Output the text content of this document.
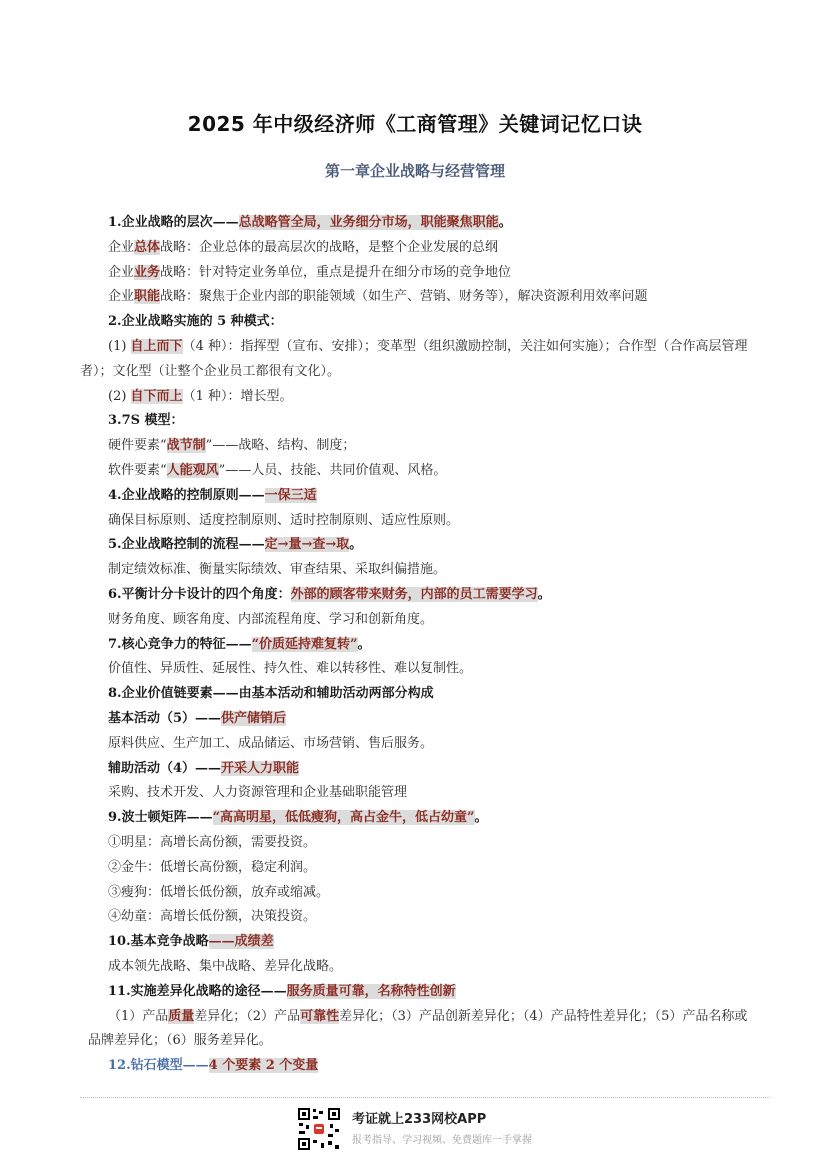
2025 年中级经济师《工商管理》关键词记忆口诀
第一章企业战略与经营管理
1.企业战略的层次——总战略管全局，业务细分市场，职能聚焦职能。
企业总体战略：企业总体的最高层次的战略，是整个企业发展的总纲
企业业务战略：针对特定业务单位，重点是提升在细分市场的竞争地位
企业职能战略：聚焦于企业内部的职能领域（如生产、营销、财务等），解决资源利用效率问题
2.企业战略实施的 5 种模式：
(1) 自上而下（4 种）：指挥型（宣布、安排）；变革型（组织激励控制，关注如何实施）；合作型（合作高层管理者）；文化型（让整个企业员工都很有文化）。
(2) 自下而上（1 种）：增长型。
3.7S 模型：
硬件要素“战节制”——战略、结构、制度；
软件要素“人能观风”——人员、技能、共同价值观、风格。
4.企业战略的控制原则——一保三适
确保目标原则、适度控制原则、适时控制原则、适应性原则。
5.企业战略控制的流程——定→量→查→取。
制定绩效标准、衡量实际绩效、审查结果、采取纠偏措施。
6.平衡计分卡设计的四个角度：外部的顾客带来财务，内部的员工需要学习。
财务角度、顾客角度、内部流程角度、学习和创新角度。
7.核心竞争力的特征——“价质延持难复转”。
价值性、异质性、延展性、持久性、难以转移性、难以复制性。
8.企业价值链要素——由基本活动和辅助活动两部分构成
基本活动（5）——供产储销后
原料供应、生产加工、成品储运、市场营销、售后服务。
辅助活动（4）——开采人力职能
采购、技术开发、人力资源管理和企业基础职能管理
9.波士顿矩阵——“高高明星，低低瘦狗，高占金牛，低占幼童”。
①明星：高增长高份额，需要投资。
②金牛：低增长高份额，稳定利润。
③瘦狗：低增长低份额，放弃或缩减。
④幼童：高增长低份额，决策投资。
10.基本竞争战略——成绩差
成本领先战略、集中战略、差异化战略。
11.实施差异化战略的途径——服务质量可靠，名称特性创新
（1）产品质量差异化；（2）产品可靠性差异化；（3）产品创新差异化；（4）产品特性差异化；（5）产品名称或品牌差异化；（6）服务差异化。
12.钻石模型——4 个要素 2 个变量
考证就上233网校APP
报考指导、学习视频、免费题库一手掌握
